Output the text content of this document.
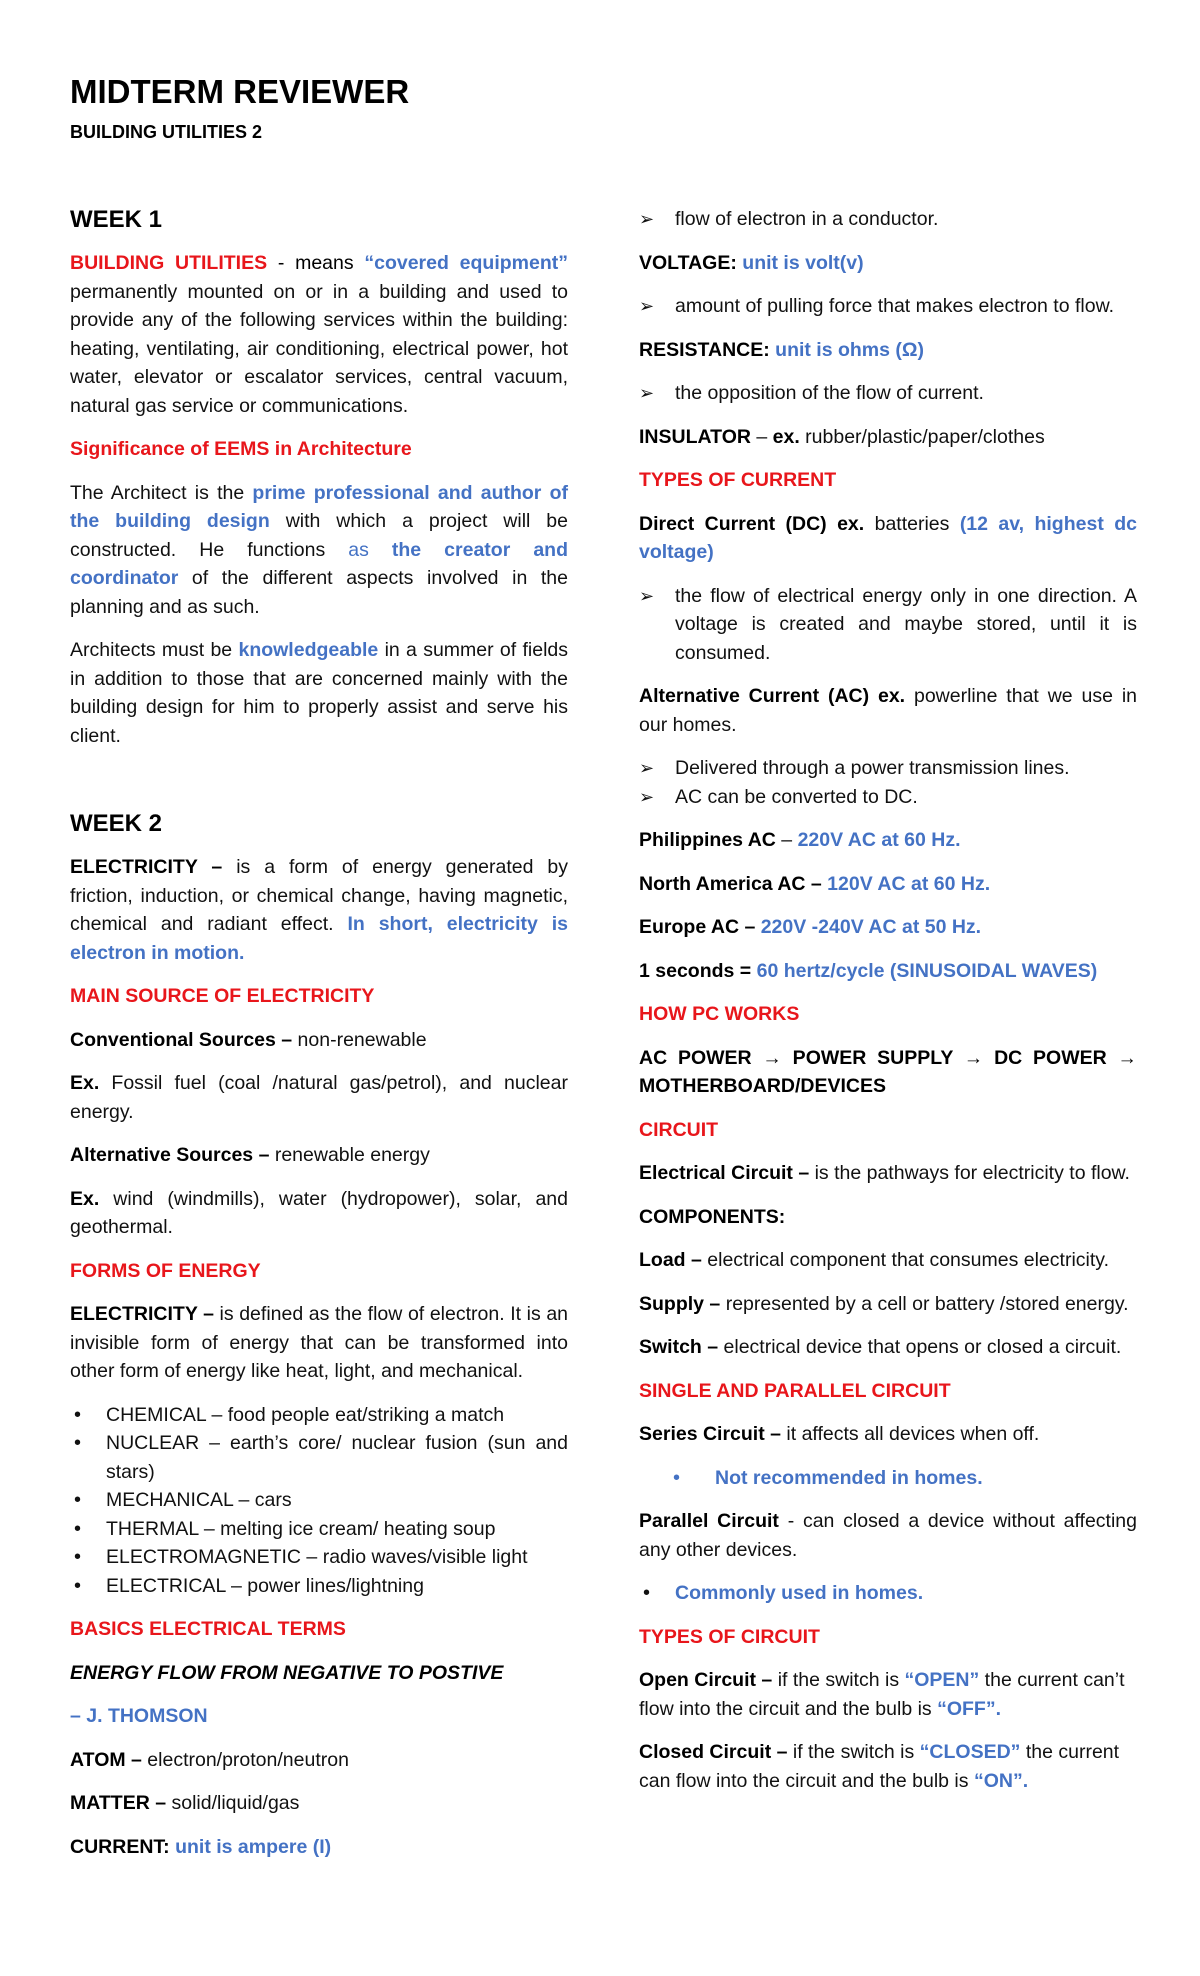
MIDTERM REVIEWER
BUILDING UTILITIES 2
WEEK 1

BUILDING UTILITIES - means “covered equipment” permanently mounted on or in a building and used to provide any of the following services within the building: heating, ventilating, air conditioning, electrical power, hot water, elevator or escalator services, central vacuum, natural gas service or communications.

Significance of EEMS in Architecture

The Architect is the prime professional and author of the building design with which a project will be constructed. He functions as the creator and coordinator of the different aspects involved in the planning and as such.

Architects must be knowledgeable in a summer of fields in addition to those that are concerned mainly with the building design for him to properly assist and serve his client.

WEEK 2

ELECTRICITY – is a form of energy generated by friction, induction, or chemical change, having magnetic, chemical and radiant effect. In short, electricity is electron in motion.

MAIN SOURCE OF ELECTRICITY

Conventional Sources – non-renewable

Ex. Fossil fuel (coal /natural gas/petrol), and nuclear energy.

Alternative Sources – renewable energy

Ex. wind (windmills), water (hydropower), solar, and geothermal.

FORMS OF ENERGY

ELECTRICITY – is defined as the flow of electron. It is an invisible form of energy that can be transformed into other form of energy like heat, light, and mechanical.

• CHEMICAL – food people eat/striking a match
• NUCLEAR – earth’s core/ nuclear fusion (sun and stars)
• MECHANICAL – cars
• THERMAL – melting ice cream/ heating soup
• ELECTROMAGNETIC – radio waves/visible light
• ELECTRICAL – power lines/lightning

BASICS ELECTRICAL TERMS

ENERGY FLOW FROM NEGATIVE TO POSTIVE

– J. THOMSON

ATOM – electron/proton/neutron

MATTER – solid/liquid/gas

CURRENT: unit is ampere (I)

➢ flow of electron in a conductor.

VOLTAGE: unit is volt(v)

➢ amount of pulling force that makes electron to flow.

RESISTANCE: unit is ohms (Ω)

➢ the opposition of the flow of current.

INSULATOR – ex. rubber/plastic/paper/clothes

TYPES OF CURRENT

Direct Current (DC) ex. batteries (12 av, highest dc voltage)

➢ the flow of electrical energy only in one direction. A voltage is created and maybe stored, until it is consumed.

Alternative Current (AC) ex. powerline that we use in our homes.

➢ Delivered through a power transmission lines.
➢ AC can be converted to DC.

Philippines AC – 220V AC at 60 Hz.

North America AC – 120V AC at 60 Hz.

Europe AC – 220V -240V AC at 50 Hz.

1 seconds = 60 hertz/cycle (SINUSOIDAL WAVES)

HOW PC WORKS

AC POWER → POWER SUPPLY → DC POWER → MOTHERBOARD/DEVICES

CIRCUIT

Electrical Circuit – is the pathways for electricity to flow.

COMPONENTS:

Load – electrical component that consumes electricity.

Supply – represented by a cell or battery /stored energy.

Switch – electrical device that opens or closed a circuit.

SINGLE AND PARALLEL CIRCUIT

Series Circuit – it affects all devices when off.

• Not recommended in homes.

Parallel Circuit - can closed a device without affecting any other devices.

• Commonly used in homes.

TYPES OF CIRCUIT

Open Circuit – if the switch is “OPEN” the current can’t flow into the circuit and the bulb is “OFF”.

Closed Circuit – if the switch is “CLOSED” the current can flow into the circuit and the bulb is “ON”.
